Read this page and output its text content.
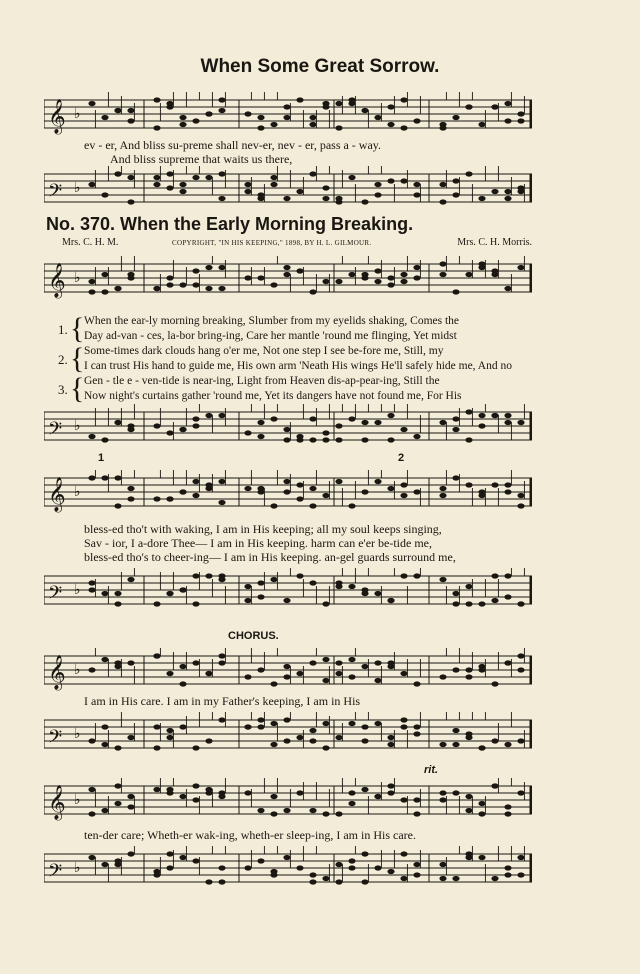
When Some Great Sorrow.
𝄞 ♭
ev - er, And bliss su-preme shall nev-er, nev - er, pass a - way.
And bliss supreme that waits us there,
𝄢 ♭
No. 370. When the Early Morning Breaking.
Mrs. C. H. M.	COPYRIGHT, "IN HIS KEEPING," 1898, BY H. L. GILMOUR.	Mrs. C. H. Morris.
𝄞 ♭
1. { When the ear-ly morning breaking, Slumber from my eyelids shaking, Comes the
Day ad-van - ces, la-bor bring-ing, Care her mantle 'round me flinging, Yet midst
2. { Some-times dark clouds hang o'er me, Not one step I see be-fore me, Still, my
I can trust His hand to guide me, His own arm 'Neath His wings He'll safely hide me, And no
3. { Gen - tle e - ven-tide is near-ing, Light from Heaven dis-ap-pear-ing, Still the
Now night's curtains gather 'round me, Yet its dangers have not found me, For His
𝄢 ♭
1	2
𝄞 ♭
bless-ed tho't with waking, I am in His keeping; all my soul keeps singing,
Sav - ior, I a-dore Thee— I am in His keeping. harm can e'er be-tide me,
bless-ed tho's to cheer-ing— I am in His keeping. an-gel guards surround me,
𝄢 ♭
CHORUS.
𝄞 ♭
I am in His care. I am in my Father's keeping, I am in His
𝄢 ♭
rit.
𝄞 ♭
ten-der care; Wheth-er wak-ing, wheth-er sleep-ing, I am in His care.
𝄢 ♭
